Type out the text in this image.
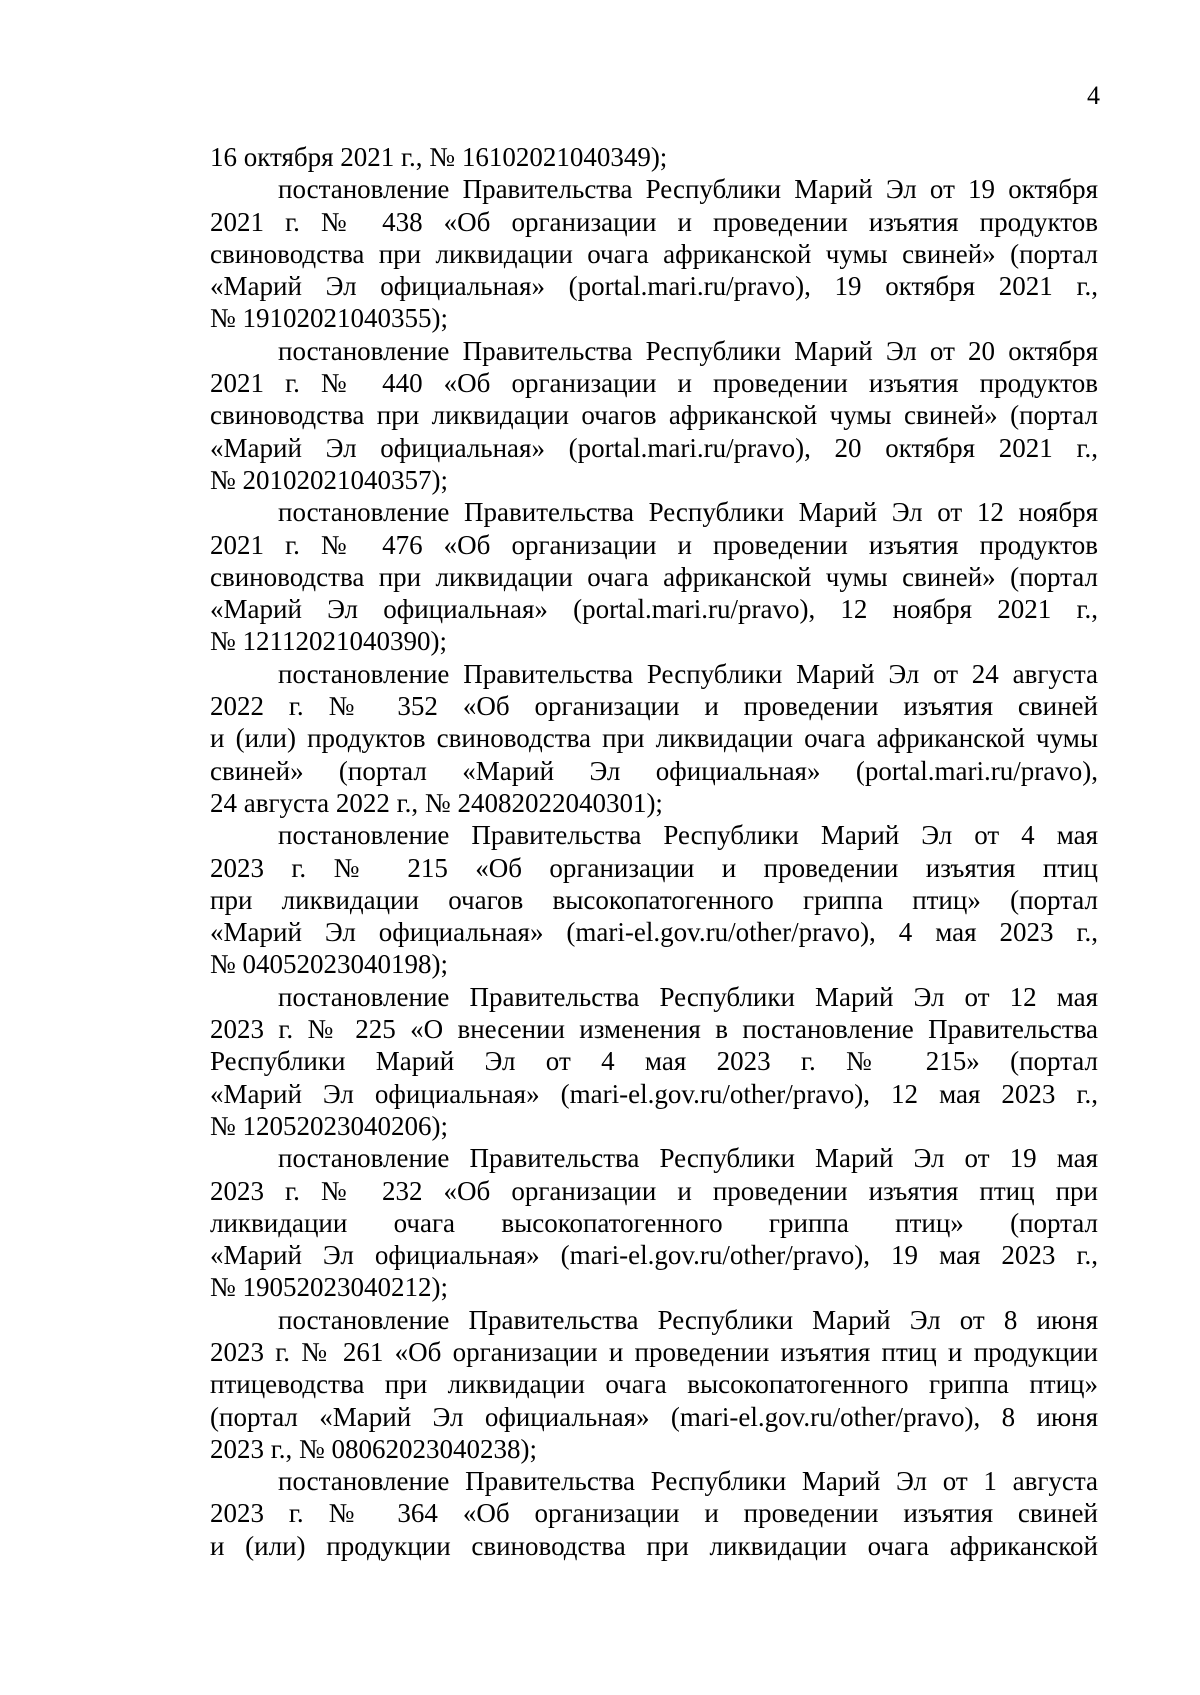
4
16 октября 2021 г., № 16102021040349);
постановление Правительства Республики Марий Эл от 19 октября
2021 г. № 438 «Об организации и проведении изъятия продуктов
свиноводства при ликвидации очага африканской чумы свиней» (портал
«Марий Эл официальная» (portal.mari.ru/pravo), 19 октября 2021 г.,
№ 19102021040355);
постановление Правительства Республики Марий Эл от 20 октября
2021 г. № 440 «Об организации и проведении изъятия продуктов
свиноводства при ликвидации очагов африканской чумы свиней» (портал
«Марий Эл официальная» (portal.mari.ru/pravo), 20 октября 2021 г.,
№ 20102021040357);
постановление Правительства Республики Марий Эл от 12 ноября
2021 г. № 476 «Об организации и проведении изъятия продуктов
свиноводства при ликвидации очага африканской чумы свиней» (портал
«Марий Эл официальная» (portal.mari.ru/pravo), 12 ноября 2021 г.,
№ 12112021040390);
постановление Правительства Республики Марий Эл от 24 августа
2022 г. № 352 «Об организации и проведении изъятия свиней
и (или) продуктов свиноводства при ликвидации очага африканской чумы
свиней» (портал «Марий Эл официальная» (portal.mari.ru/pravo),
24 августа 2022 г., № 24082022040301);
постановление Правительства Республики Марий Эл от 4 мая
2023 г. № 215 «Об организации и проведении изъятия птиц
при ликвидации очагов высокопатогенного гриппа птиц» (портал
«Марий Эл официальная» (mari-el.gov.ru/other/pravo), 4 мая 2023 г.,
№ 04052023040198);
постановление Правительства Республики Марий Эл от 12 мая
2023 г. № 225 «О внесении изменения в постановление Правительства
Республики Марий Эл от 4 мая 2023 г. № 215» (портал
«Марий Эл официальная» (mari-el.gov.ru/other/pravo), 12 мая 2023 г.,
№ 12052023040206);
постановление Правительства Республики Марий Эл от 19 мая
2023 г. № 232 «Об организации и проведении изъятия птиц при
ликвидации очага высокопатогенного гриппа птиц» (портал
«Марий Эл официальная» (mari-el.gov.ru/other/pravo), 19 мая 2023 г.,
№ 19052023040212);
постановление Правительства Республики Марий Эл от 8 июня
2023 г. № 261 «Об организации и проведении изъятия птиц и продукции
птицеводства при ликвидации очага высокопатогенного гриппа птиц»
(портал «Марий Эл официальная» (mari-el.gov.ru/other/pravo), 8 июня
2023 г., № 08062023040238);
постановление Правительства Республики Марий Эл от 1 августа
2023 г. № 364 «Об организации и проведении изъятия свиней
и (или) продукции свиноводства при ликвидации очага африканской
